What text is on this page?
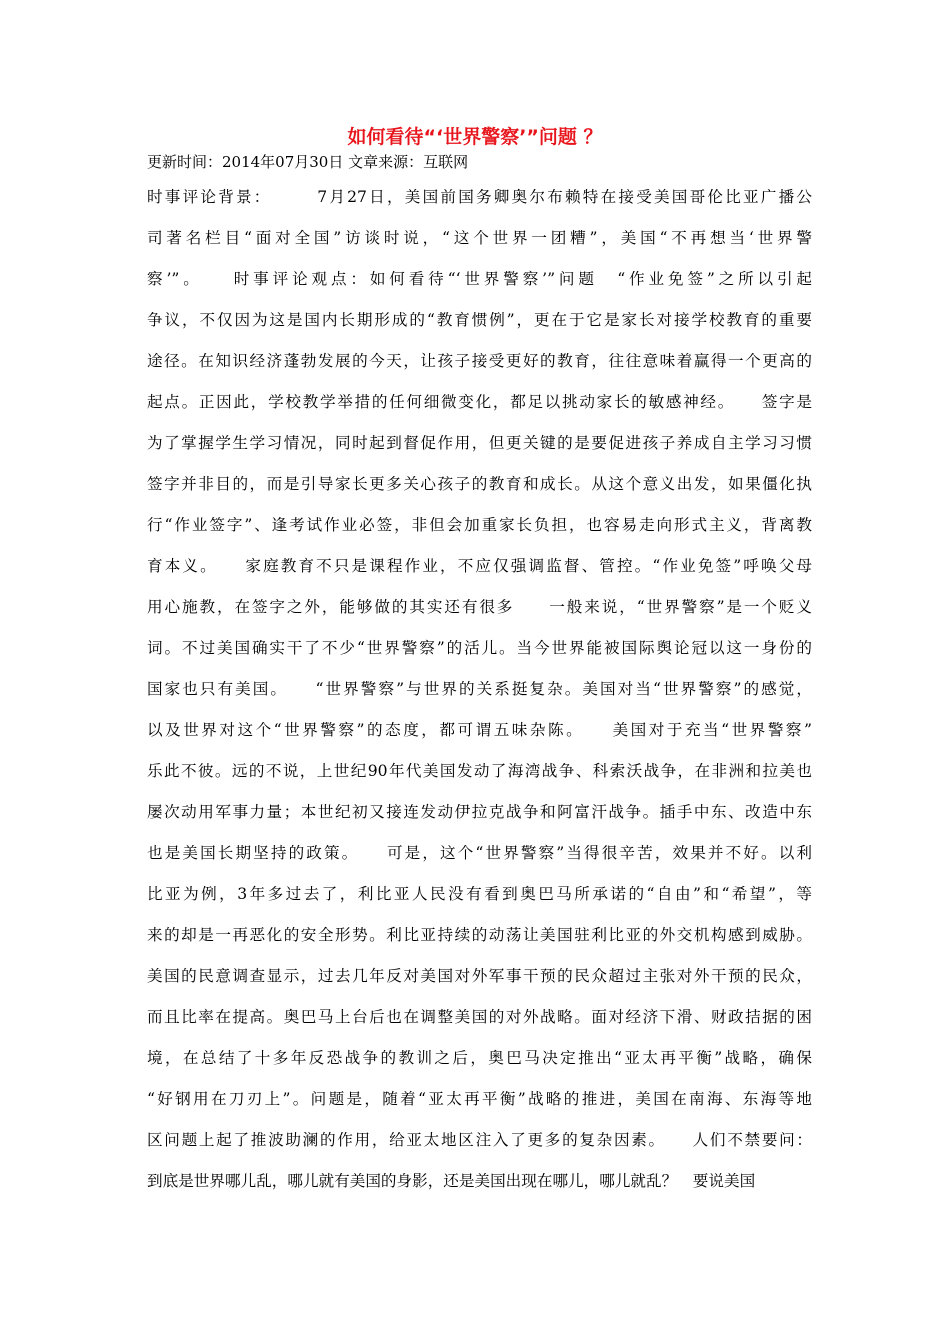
如何看待“‘世界警察’”问题 ？
更新时间：2014年07月30日 文章来源：互联网
时事评论背景：　　　7月27日，美国前国务卿奥尔布赖特在接受美国哥伦比亚广播公
司著名栏目“面对全国”访谈时说，“这个世界一团糟”，美国“不再想当‘世界警
察’”。　　时事评论观点：如何看待“‘世界警察’”问题　“作业免签”之所以引起
争议，不仅因为这是国内长期形成的“教育惯例”，更在于它是家长对接学校教育的重要
途径。在知识经济蓬勃发展的今天，让孩子接受更好的教育，往往意味着赢得一个更高的
起点。正因此，学校教学举措的任何细微变化，都足以挑动家长的敏感神经。　　签字是
为了掌握学生学习情况，同时起到督促作用，但更关键的是要促进孩子养成自主学习习惯
签字并非目的，而是引导家长更多关心孩子的教育和成长。从这个意义出发，如果僵化执
行“作业签字”、逢考试作业必签，非但会加重家长负担，也容易走向形式主义，背离教
育本义。　　家庭教育不只是课程作业，不应仅强调监督、管控。“作业免签”呼唤父母
用心施教，在签字之外，能够做的其实还有很多　　一般来说，“世界警察”是一个贬义
词。不过美国确实干了不少“世界警察”的活儿。当今世界能被国际舆论冠以这一身份的
国家也只有美国。　　“世界警察”与世界的关系挺复杂。美国对当“世界警察”的感觉，
以及世界对这个“世界警察”的态度，都可谓五味杂陈。　　美国对于充当“世界警察”
乐此不彼。远的不说，上世纪90年代美国发动了海湾战争、科索沃战争，在非洲和拉美也
屡次动用军事力量；本世纪初又接连发动伊拉克战争和阿富汗战争。插手中东、改造中东
也是美国长期坚持的政策。　　可是，这个“世界警察”当得很辛苦，效果并不好。以利
比亚为例，3年多过去了，利比亚人民没有看到奥巴马所承诺的“自由”和“希望”，等
来的却是一再恶化的安全形势。利比亚持续的动荡让美国驻利比亚的外交机构感到威胁。
美国的民意调查显示，过去几年反对美国对外军事干预的民众超过主张对外干预的民众，
而且比率在提高。奥巴马上台后也在调整美国的对外战略。面对经济下滑、财政拮据的困
境，在总结了十多年反恐战争的教训之后，奥巴马决定推出“亚太再平衡”战略，确保
“好钢用在刀刃上”。问题是，随着“亚太再平衡”战略的推进，美国在南海、东海等地
区问题上起了推波助澜的作用，给亚太地区注入了更多的复杂因素。　　人们不禁要问：
到底是世界哪儿乱，哪儿就有美国的身影，还是美国出现在哪儿，哪儿就乱？　要说美国
